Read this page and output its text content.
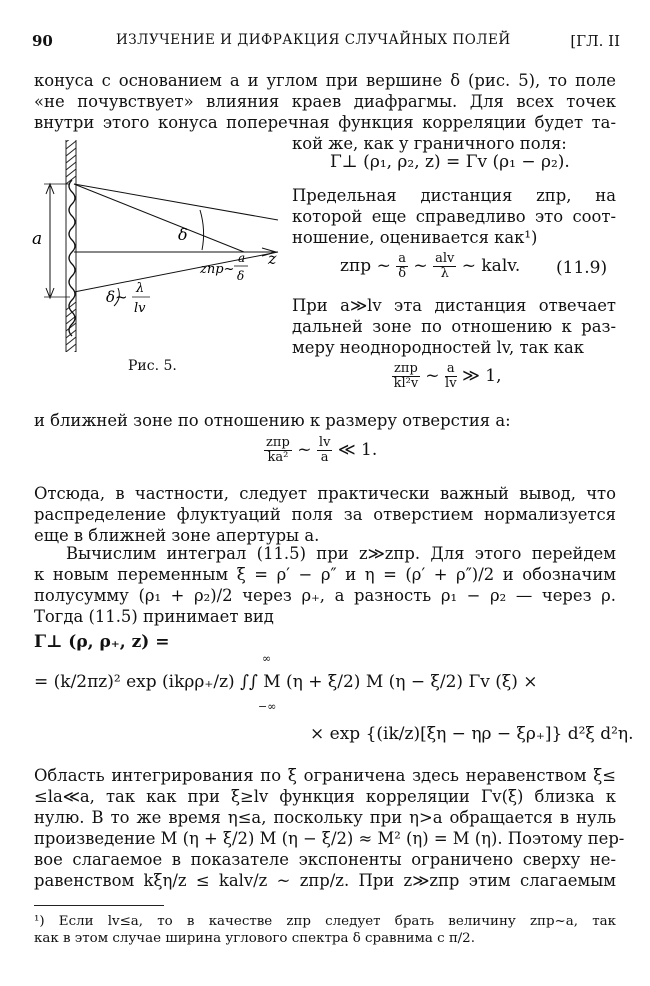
90	ИЗЛУЧЕНИЕ И ДИФРАКЦИЯ СЛУЧАЙНЫХ ПОЛЕЙ	[ГЛ. II
конуса с основанием a и углом при вершине δ (рис. 5), то поле
«не почувствует» влияния краев диафрагмы. Для всех точек
внутри этого конуса поперечная функция корреляции будет та-
кой же, как у граничного поля:
a	δ
z
zпр~
a
δ
δ~ λ
lv
Γ⊥ (ρ₁, ρ₂, z) = Γv (ρ₁ − ρ₂).
Предельная дистанция zпр, на
которой еще справедливо это соот-
ношение, оценивается как¹)
zпр ~ $\frac{a}{\delta}$ ~ $\frac{\text{alv}}{\lambda}$ ~ kalv. (11.9)
При a≫lv эта дистанция отвечает
дальней зоне по отношению к раз-
меру неоднородностей lv, так как
Рис. 5.	$\frac{\text{zпр}}{\text{kl²v}}$ ~ $\frac{a}{lv}$ ≫ 1,
и ближней зоне по отношению к размеру отверстия a:
$\frac{\text{zпр}}{\text{ka²}}$ ~ $\frac{lv}{a}$ ≪ 1.
Отсюда, в частности, следует практически важный вывод, что
распределение флуктуаций поля за отверстием нормализуется
еще в ближней зоне апертуры a.
Вычислим интеграл (11.5) при z≫zпр. Для этого перейдем
к новым переменным ξ = ρ′ − ρ″ и η = (ρ′ + ρ″)/2 и обозначим
полусумму (ρ₁ + ρ₂)/2 через ρ₊, а разность ρ₁ − ρ₂ — через ρ.
Тогда (11.5) принимает вид
Γ⊥ (ρ, ρ₊, z) =
= (k/2πz)² exp (ikρρ₊/z) ∫∫ M (η + ξ/2) M (η − ξ/2) Γv (ξ) ×
∞
−∞
× exp {(ik/z)[ξη − ηρ − ξρ₊]} d²ξ d²η.
Область интегрирования по ξ ограничена здесь неравенством ξ≤
≤la≪a, так как при ξ≥lv функция корреляции Γv(ξ) близка к
нулю. В то же время η≤a, поскольку при η>a обращается в нуль
произведение M (η + ξ/2) M (η − ξ/2) ≈ M² (η) = M (η). Поэтому пер-
вое слагаемое в показателе экспоненты ограничено сверху не-
равенством kξη/z ≤ kalv/z ~ zпр/z. При z≫zпр этим слагаемым
¹) Если lv≤a, то в качестве zпр следует брать величину zпр~a, так
как в этом случае ширина углового спектра δ сравнима с π/2.
